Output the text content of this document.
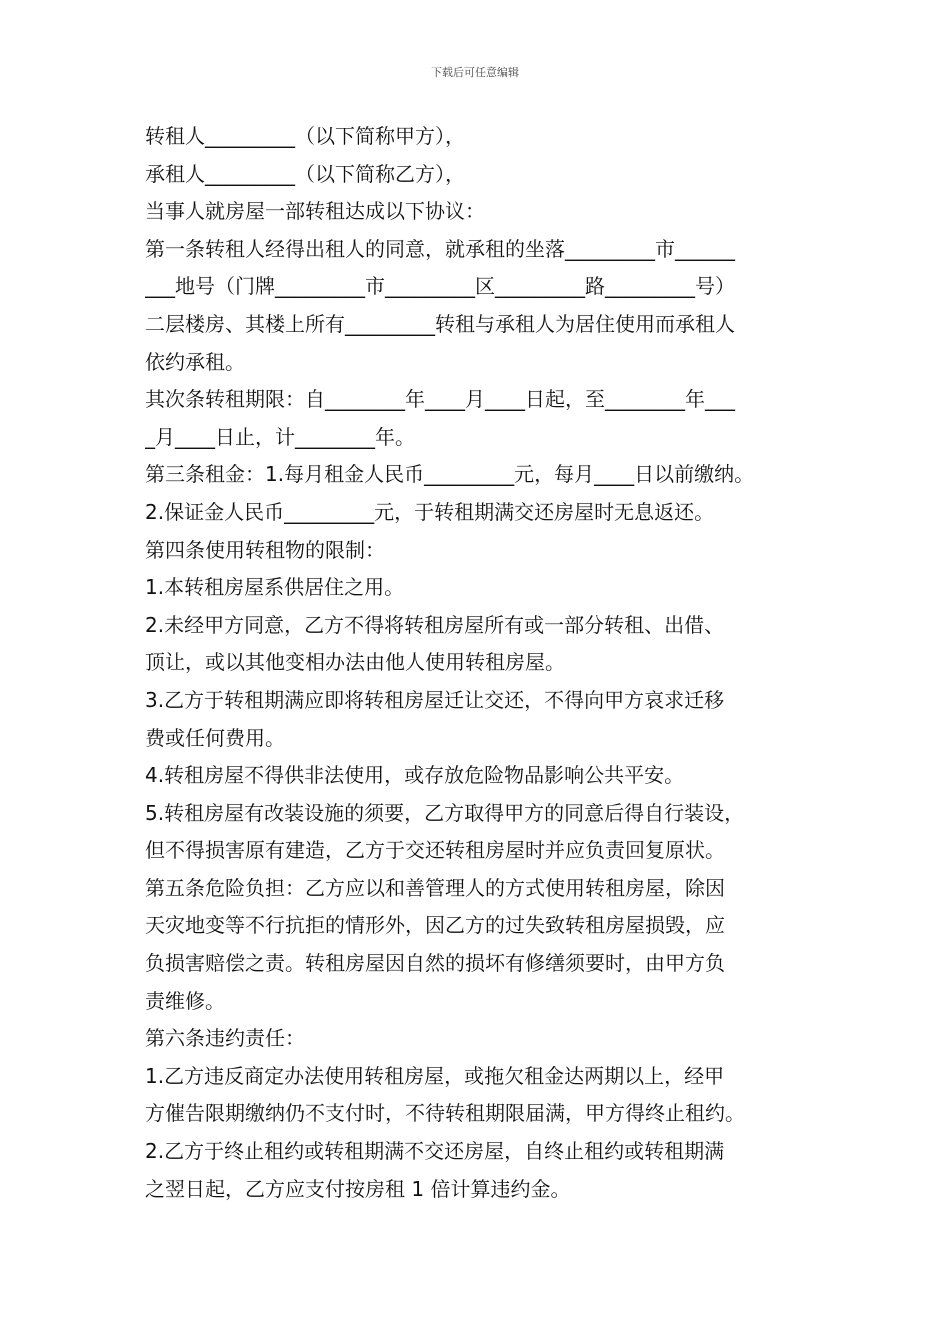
下载后可任意编辑
转租人_________（以下简称甲方），
承租人_________（以下简称乙方），
当事人就房屋一部转租达成以下协议：
第一条转租人经得出租人的同意，就承租的坐落_________市______
___地号（门牌_________市_________区_________路_________号）
二层楼房、其楼上所有_________转租与承租人为居住使用而承租人
依约承租。
其次条转租期限：自________年____月____日起，至________年___
_月____日止，计________年。
第三条租金：1.每月租金人民币_________元，每月____日以前缴纳。
2.保证金人民币_________元，于转租期满交还房屋时无息返还。
第四条使用转租物的限制：
1.本转租房屋系供居住之用。
2.未经甲方同意，乙方不得将转租房屋所有或一部分转租、出借、
顶让，或以其他变相办法由他人使用转租房屋。
3.乙方于转租期满应即将转租房屋迁让交还，不得向甲方哀求迁移
费或任何费用。
4.转租房屋不得供非法使用，或存放危险物品影响公共平安。
5.转租房屋有改装设施的须要，乙方取得甲方的同意后得自行装设，
但不得损害原有建造，乙方于交还转租房屋时并应负责回复原状。
第五条危险负担：乙方应以和善管理人的方式使用转租房屋，除因
天灾地变等不行抗拒的情形外，因乙方的过失致转租房屋损毁，应
负损害赔偿之责。转租房屋因自然的损坏有修缮须要时，由甲方负
责维修。
第六条违约责任：
1.乙方违反商定办法使用转租房屋，或拖欠租金达两期以上，经甲
方催告限期缴纳仍不支付时，不待转租期限届满，甲方得终止租约。
2.乙方于终止租约或转租期满不交还房屋，自终止租约或转租期满
之翌日起，乙方应支付按房租 1 倍计算违约金。
